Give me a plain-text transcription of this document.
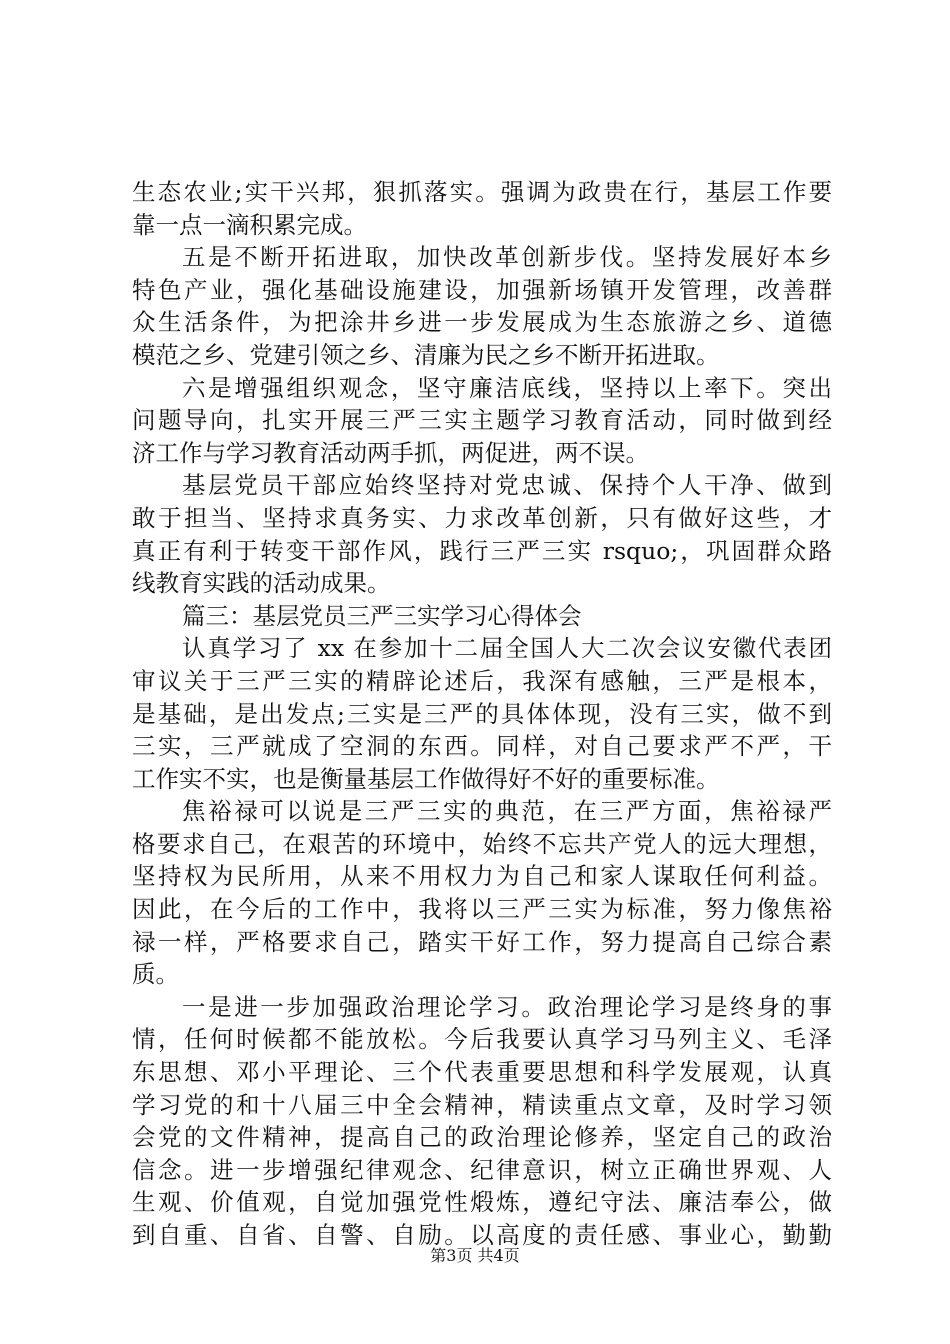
生态农业;实干兴邦，狠抓落实。强调为政贵在行，基层工作要
靠一点一滴积累完成。
五是不断开拓进取，加快改革创新步伐。坚持发展好本乡
特色产业，强化基础设施建设，加强新场镇开发管理，改善群
众生活条件，为把涂井乡进一步发展成为生态旅游之乡、道德
模范之乡、党建引领之乡、清廉为民之乡不断开拓进取。
六是增强组织观念，坚守廉洁底线，坚持以上率下。突出
问题导向，扎实开展三严三实主题学习教育活动，同时做到经
济工作与学习教育活动两手抓，两促进，两不误。
基层党员干部应始终坚持对党忠诚、保持个人干净、做到
敢于担当、坚持求真务实、力求改革创新，只有做好这些，才
真正有利于转变干部作风，践行三严三实 rsquo;，巩固群众路
线教育实践的活动成果。
篇三：基层党员三严三实学习心得体会
认真学习了 xx 在参加十二届全国人大二次会议安徽代表团
审议关于三严三实的精辟论述后，我深有感触，三严是根本，
是基础，是出发点;三实是三严的具体体现，没有三实，做不到
三实，三严就成了空洞的东西。同样，对自己要求严不严，干
工作实不实，也是衡量基层工作做得好不好的重要标准。
焦裕禄可以说是三严三实的典范，在三严方面，焦裕禄严
格要求自己，在艰苦的环境中，始终不忘共产党人的远大理想，
坚持权为民所用，从来不用权力为自己和家人谋取任何利益。
因此，在今后的工作中，我将以三严三实为标准，努力像焦裕
禄一样，严格要求自己，踏实干好工作，努力提高自己综合素
质。
一是进一步加强政治理论学习。政治理论学习是终身的事
情，任何时候都不能放松。今后我要认真学习马列主义、毛泽
东思想、邓小平理论、三个代表重要思想和科学发展观，认真
学习党的和十八届三中全会精神，精读重点文章，及时学习领
会党的文件精神，提高自己的政治理论修养，坚定自己的政治
信念。进一步增强纪律观念、纪律意识，树立正确世界观、人
生观、价值观，自觉加强党性煅炼，遵纪守法、廉洁奉公，做
到自重、自省、自警、自励。以高度的责任感、事业心，勤勤
第3页 共4页
